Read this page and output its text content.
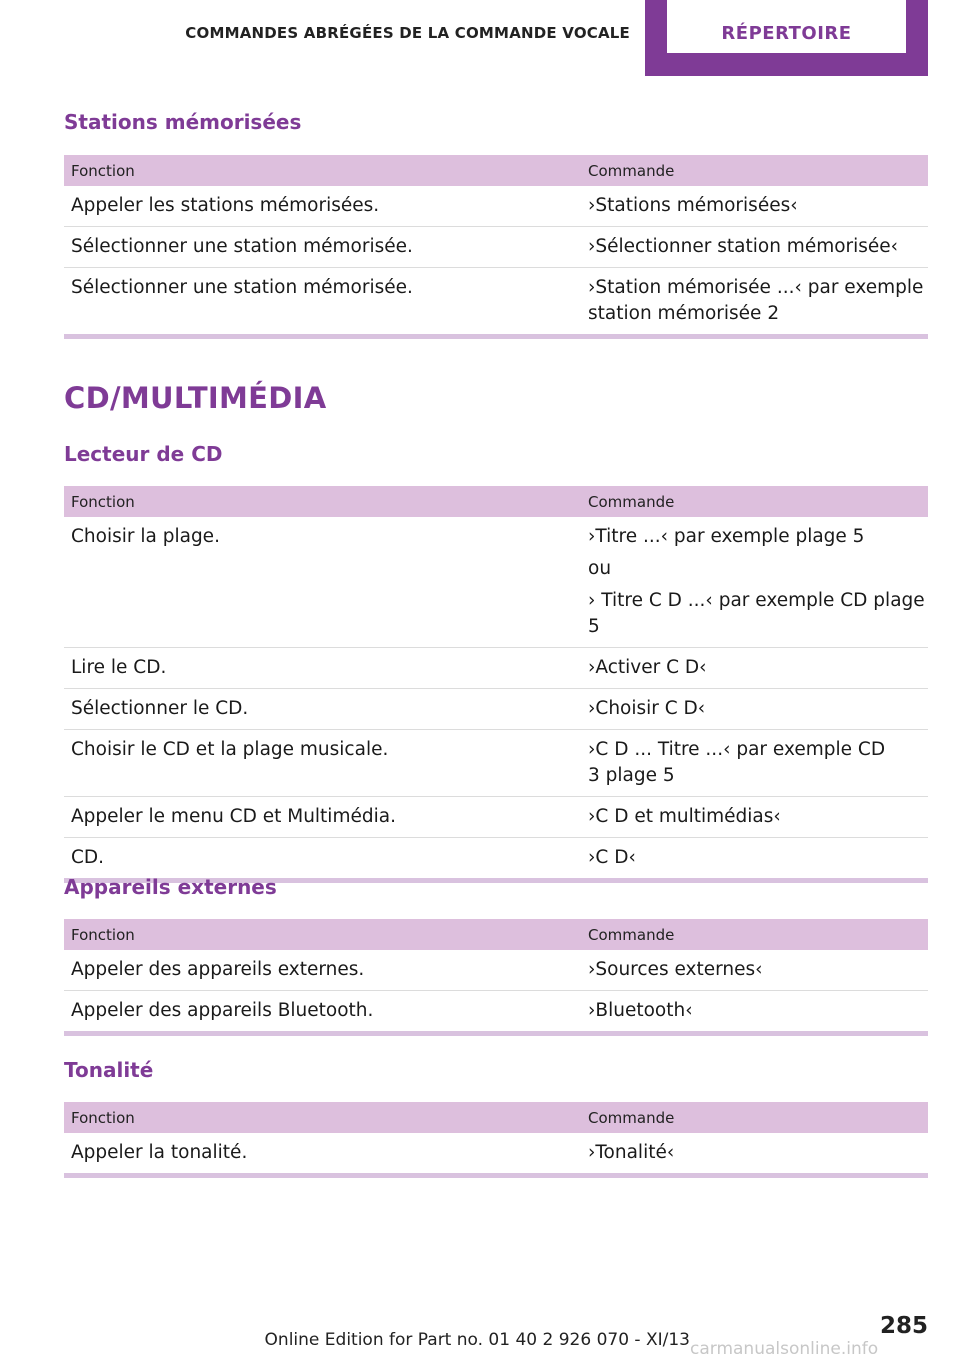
COMMANDES ABRÉGÉES DE LA COMMANDE VOCALE	RÉPERTOIRE
Stations mémorisées
Fonction	Commande
Appeler les stations mémorisées.	›Stations mémorisées‹

Sélectionner une station mémorisée.	›Sélectionner station mémorisée‹

Sélectionner une station mémorisée.	›Station mémorisée ...‹ par exemple
station mémorisée 2
CD/MULTIMÉDIA
Lecteur de CD
Fonction	Commande
Choisir la plage.	›Titre ...‹ par exemple plage 5
ou
› Titre C D ...‹ par exemple CD plage 5

Lire le CD.	›Activer C D‹

Sélectionner le CD.	›Choisir C D‹

Choisir le CD et la plage musicale.	›C D ... Titre ...‹ par exemple CD
3 plage 5

Appeler le menu CD et Multimédia.	›C D et multimédias‹

CD.	›C D‹
Appareils externes
Fonction	Commande
Appeler des appareils externes.	›Sources externes‹

Appeler des appareils Bluetooth.	›Bluetooth‹
Tonalité
Fonction	Commande
Appeler la tonalité.	›Tonalité‹
285
Online Edition for Part no. 01 40 2 926 070 - XI/13 carmanualsonline.info
